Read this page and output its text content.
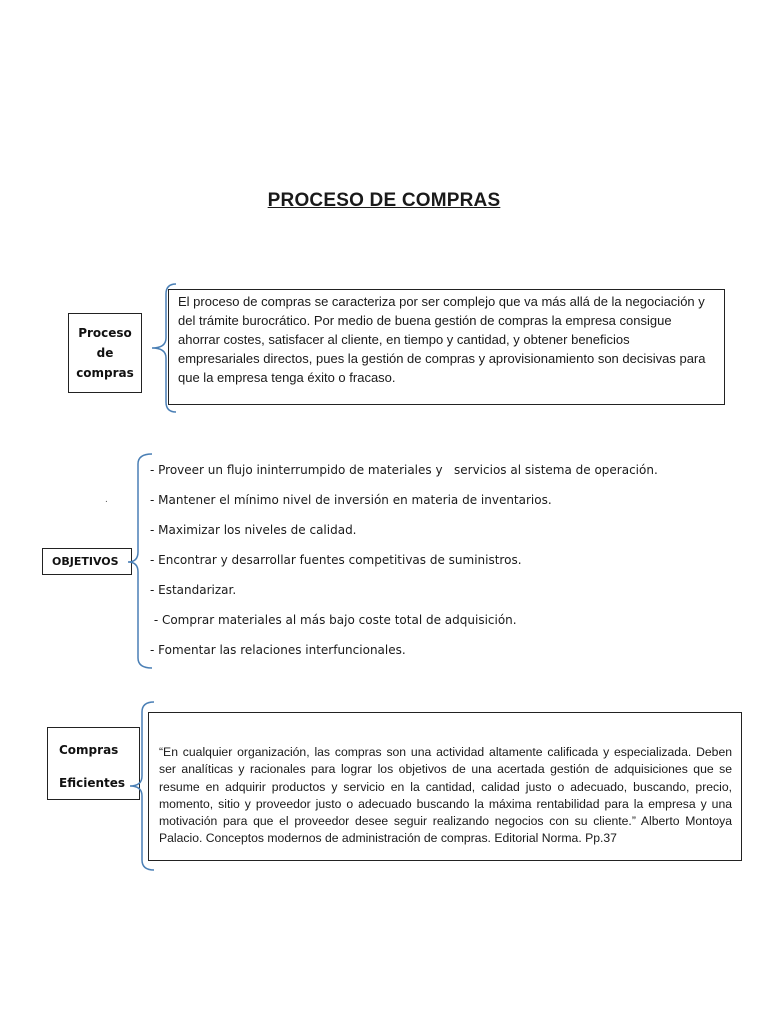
PROCESO DE COMPRAS
Proceso
de
compras
El proceso de compras se caracteriza por ser complejo que va más allá de la negociación y del trámite burocrático. Por medio de buena gestión de compras la empresa consigue ahorrar costes, satisfacer al cliente, en tiempo y cantidad, y obtener beneficios empresariales directos, pues la gestión de compras y aprovisionamiento son decisivas para que la empresa tenga éxito o fracaso.
.
OBJETIVOS
- Proveer un flujo ininterrumpido de materiales y   servicios al sistema de operación.
- Mantener el mínimo nivel de inversión en materia de inventarios.
- Maximizar los niveles de calidad.
- Encontrar y desarrollar fuentes competitivas de suministros.
- Estandarizar.
- Comprar materiales al más bajo coste total de adquisición.
- Fomentar las relaciones interfuncionales.
Compras
Eficientes
“En cualquier organización, las compras son una actividad altamente calificada y especializada. Deben ser analíticas y racionales para lograr los objetivos de una acertada gestión de adquisiciones que se resume en adquirir productos y servicio en la cantidad, calidad justo o adecuado, buscando, precio, momento, sitio y proveedor justo o adecuado buscando la máxima rentabilidad para la empresa y una motivación para que el proveedor desee seguir realizando negocios con su cliente.” Alberto Montoya Palacio. Conceptos modernos de administración de compras. Editorial Norma. Pp.37
